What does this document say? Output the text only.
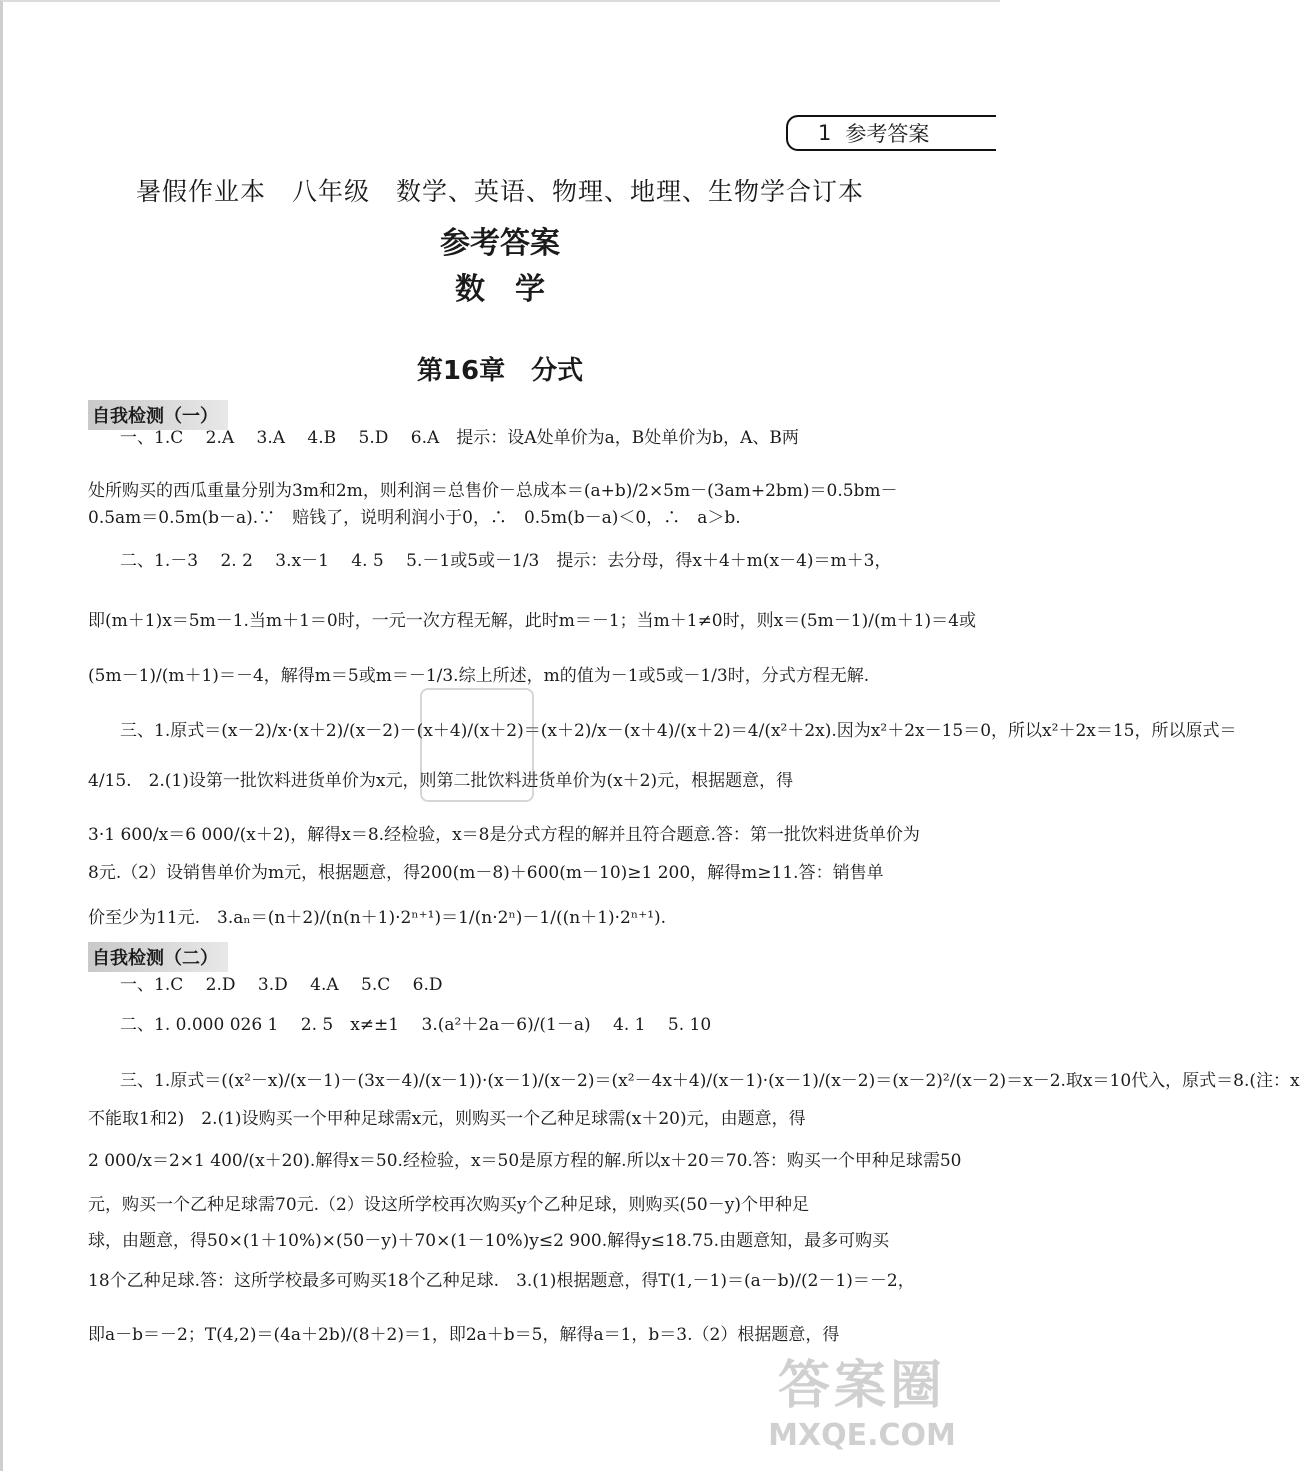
1 参考答案
暑假作业本　八年级　数学、英语、物理、地理、生物学合订本
参考答案
数学
第16章　分式
自我检测（一）
一、1.C　 2.A　 3.A　 4.B　 5.D　 6.A　提示：设A处单价为a，B处单价为b，A、B两
处所购买的西瓜重量分别为3m和2m，则利润＝总售价－总成本＝(a+b)/2×5m－(3am+2bm)＝0.5bm－
0.5am＝0.5m(b－a).∵　赔钱了，说明利润小于0，∴　0.5m(b－a)＜0，∴　a＞b.
二、1.－3　 2. 2　 3.x－1　 4. 5　 5.－1或5或－1/3　提示：去分母，得x＋4＋m(x－4)＝m＋3，
即(m＋1)x＝5m－1.当m＋1＝0时，一元一次方程无解，此时m＝－1；当m＋1≠0时，则x＝(5m－1)/(m＋1)＝4或
(5m－1)/(m＋1)＝－4，解得m＝5或m＝－1/3.综上所述，m的值为－1或5或－1/3时，分式方程无解.
三、1.原式＝(x－2)/x·(x＋2)/(x－2)－(x＋4)/(x＋2)＝(x＋2)/x－(x＋4)/(x＋2)＝4/(x²＋2x).因为x²＋2x－15＝0，所以x²＋2x＝15，所以原式＝
4/15.　2.(1)设第一批饮料进货单价为x元，则第二批饮料进货单价为(x＋2)元，根据题意，得
3·1 600/x＝6 000/(x＋2)，解得x＝8.经检验，x＝8是分式方程的解并且符合题意.答：第一批饮料进货单价为
8元.（2）设销售单价为m元，根据题意，得200(m－8)＋600(m－10)≥1 200，解得m≥11.答：销售单
价至少为11元.　3.aₙ＝(n＋2)/(n(n＋1)·2ⁿ⁺¹)＝1/(n·2ⁿ)－1/((n＋1)·2ⁿ⁺¹).
自我检测（二）
一、1.C　 2.D　 3.D　 4.A　 5.C　 6.D
二、1. 0.000 026 1　 2. 5　x≠±1　 3.(a²＋2a－6)/(1－a)　 4. 1　 5. 10
三、1.原式＝((x²－x)/(x－1)－(3x－4)/(x－1))·(x－1)/(x－2)＝(x²－4x＋4)/(x－1)·(x－1)/(x－2)＝(x－2)²/(x－2)＝x－2.取x＝10代入，原式＝8.(注：x
不能取1和2)　2.(1)设购买一个甲种足球需x元，则购买一个乙种足球需(x＋20)元，由题意，得
2 000/x＝2×1 400/(x＋20).解得x＝50.经检验，x＝50是原方程的解.所以x＋20＝70.答：购买一个甲种足球需50
元，购买一个乙种足球需70元.（2）设这所学校再次购买y个乙种足球，则购买(50－y)个甲种足
球，由题意，得50×(1＋10%)×(50－y)＋70×(1－10%)y≤2 900.解得y≤18.75.由题意知，最多可购买
18个乙种足球.答：这所学校最多可购买18个乙种足球.　3.(1)根据题意，得T(1,－1)＝(a－b)/(2－1)＝－2，
即a－b＝－2；T(4,2)＝(4a＋2b)/(8＋2)＝1，即2a＋b＝5，解得a＝1，b＝3.（2）根据题意，得
答案圈
MXQE.COM
